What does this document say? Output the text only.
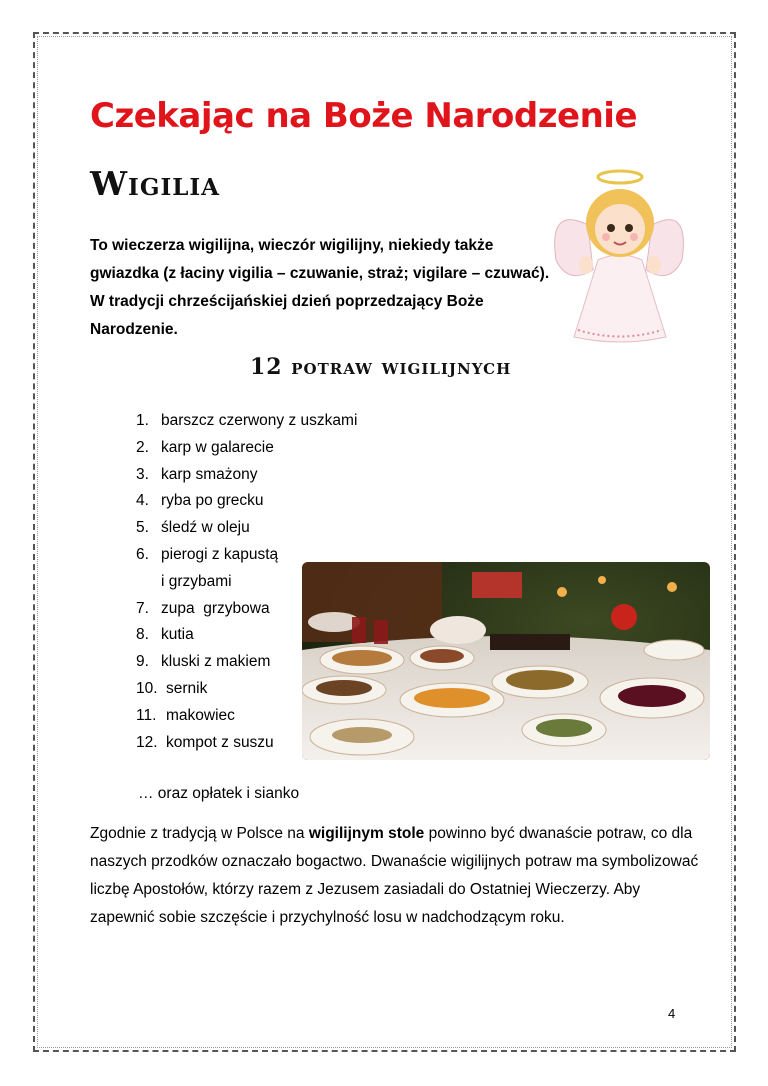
Czekając na Boże Narodzenie
Wigilia
To wieczerza wigilijna, wieczór wigilijny, niekiedy także gwiazdka (z łaciny vigilia – czuwanie, straż; vigilare – czuwać). W tradycji chrześcijańskiej dzień poprzedzający Boże Narodzenie.
12 potraw wigilijnych
1. barszcz czerwony z uszkami
2. karp w galarecie
3. karp smażony
4. ryba po grecku
5. śledź w oleju
6. pierogi z kapustą
i grzybami
7. zupa  grzybowa
8. kutia
9. kluski z makiem
10. sernik
11. makowiec
12. kompot z suszu
… oraz opłatek i sianko

Zgodnie z tradycją w Polsce na wigilijnym stole powinno być dwanaście potraw, co dla naszych przodków oznaczało bogactwo. Dwanaście wigilijnych potraw ma symbolizować liczbę Apostołów, którzy razem z Jezusem zasiadali do Ostatniej Wieczerzy. Aby zapewnić sobie szczęście i przychylność losu w nadchodzącym roku.

4
